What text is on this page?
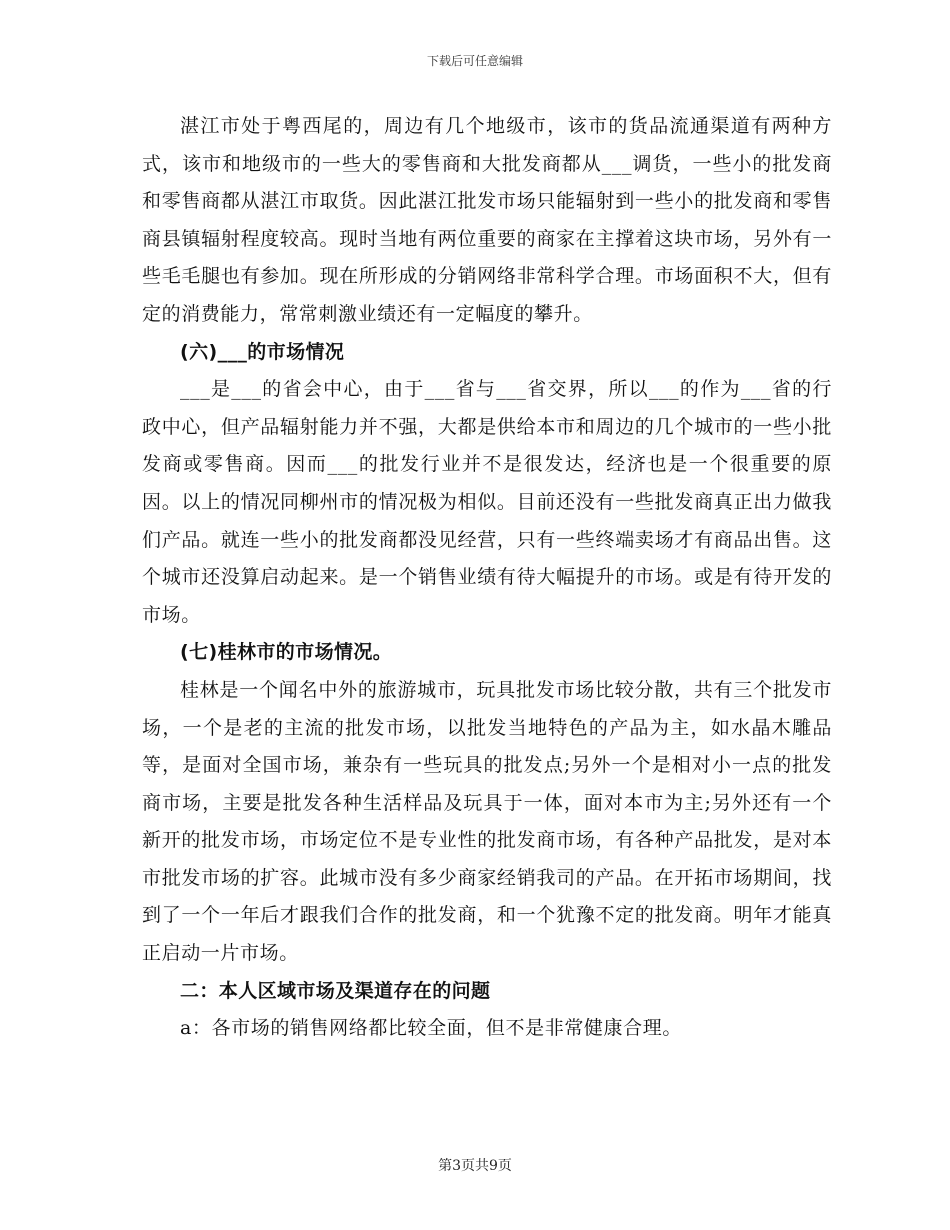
下载后可任意编辑

湛江市处于粤西尾的，周边有几个地级市，该市的货品流通渠道有两种方式，该市和地级市的一些大的零售商和大批发商都从___调货，一些小的批发商和零售商都从湛江市取货。因此湛江批发市场只能辐射到一些小的批发商和零售商县镇辐射程度较高。现时当地有两位重要的商家在主撑着这块市场，另外有一些毛毛腿也有参加。现在所形成的分销网络非常科学合理。市场面积不大，但有定的消费能力，常常刺激业绩还有一定幅度的攀升。

(六)___的市场情况

___是___的省会中心，由于___省与___省交界，所以___的作为___省的行政中心，但产品辐射能力并不强，大都是供给本市和周边的几个城市的一些小批发商或零售商。因而___的批发行业并不是很发达，经济也是一个很重要的原因。以上的情况同柳州市的情况极为相似。目前还没有一些批发商真正出力做我们产品。就连一些小的批发商都没见经营，只有一些终端卖场才有商品出售。这个城市还没算启动起来。是一个销售业绩有待大幅提升的市场。或是有待开发的市场。

(七)桂林市的市场情况。

桂林是一个闻名中外的旅游城市，玩具批发市场比较分散，共有三个批发市场，一个是老的主流的批发市场，以批发当地特色的产品为主，如水晶木雕品等，是面对全国市场，兼杂有一些玩具的批发点;另外一个是相对小一点的批发商市场，主要是批发各种生活样品及玩具于一体，面对本市为主;另外还有一个新开的批发市场，市场定位不是专业性的批发商市场，有各种产品批发，是对本市批发市场的扩容。此城市没有多少商家经销我司的产品。在开拓市场期间，找到了一个一年后才跟我们合作的批发商，和一个犹豫不定的批发商。明年才能真正启动一片市场。

二：本人区域市场及渠道存在的问题

a：各市场的销售网络都比较全面，但不是非常健康合理。

第3页共9页
